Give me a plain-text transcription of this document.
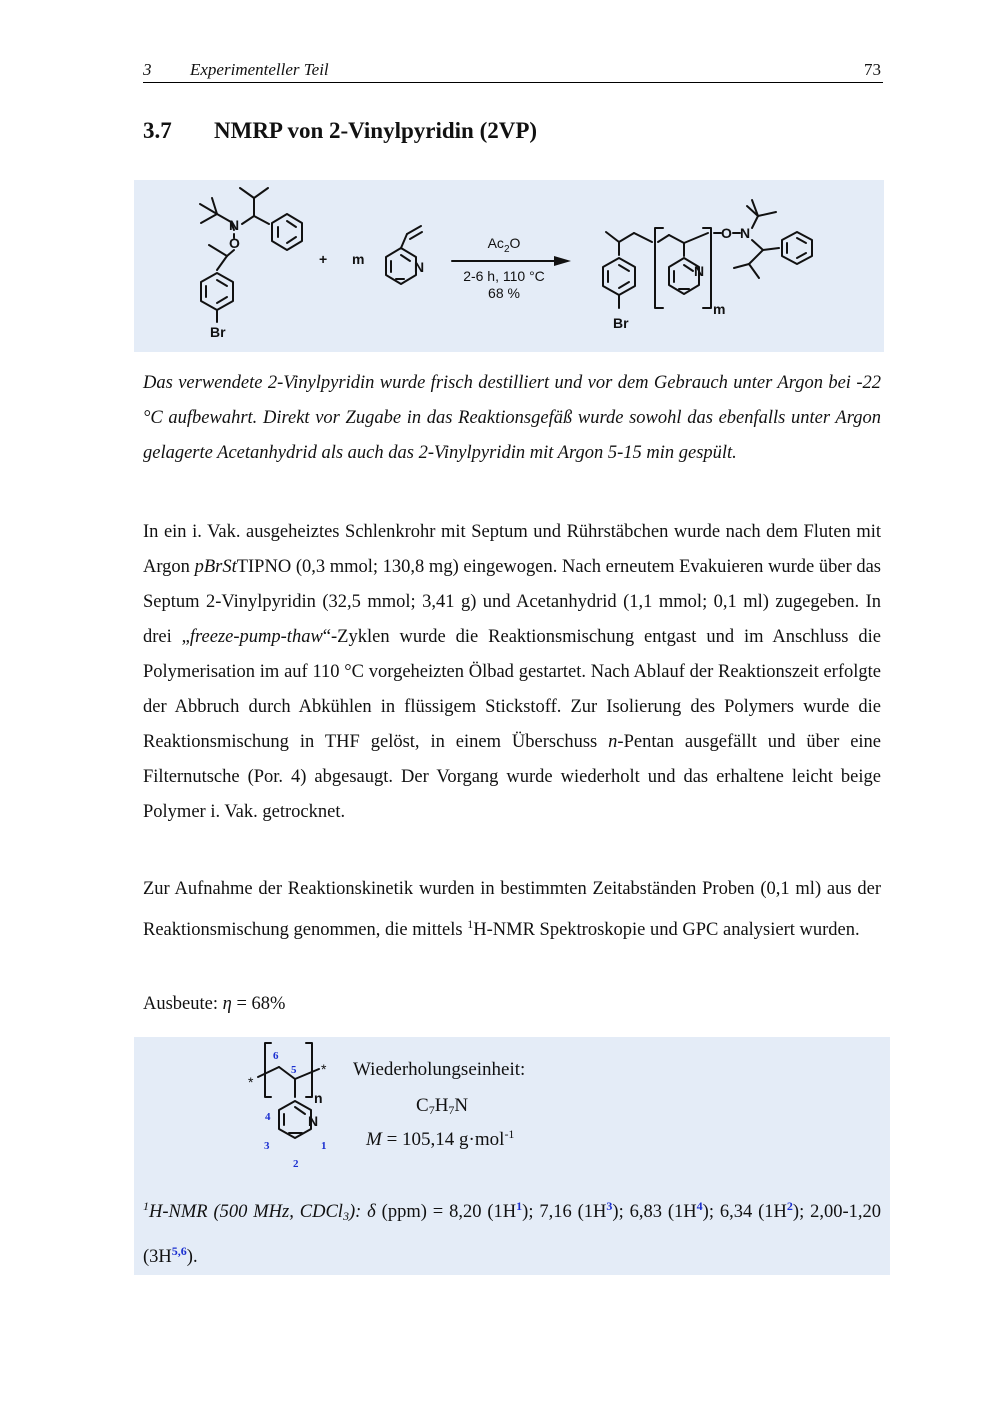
3 Experimenteller Teil	73
3.7 NMRP von 2-Vinylpyridin (2VP)
N
O
Br
N	N
O N
Br
m
+ m
$Ac_2O$
2-6 h, 110 °C
68 %
Das verwendete 2-Vinylpyridin wurde frisch destilliert und vor dem Gebrauch unter Argon bei -22 °C aufbewahrt. Direkt vor Zugabe in das Reaktionsgefäß wurde sowohl das ebenfalls unter Argon gelagerte Acetanhydrid als auch das 2-Vinylpyridin mit Argon 5-15 min gespült.
In ein i. Vak. ausgeheiztes Schlenkrohr mit Septum und Rührstäbchen wurde nach dem Fluten mit Argon pBrStTIPNO (0,3 mmol; 130,8 mg) eingewogen. Nach erneutem Evakuieren wurde über das Septum 2-Vinylpyridin (32,5 mmol; 3,41 g) und Acetanhydrid (1,1 mmol; 0,1 ml) zugegeben. In drei „freeze-pump-thaw“-Zyklen wurde die Reaktionsmischung entgast und im Anschluss die Polymerisation im auf 110 °C vorgeheizten Ölbad gestartet. Nach Ablauf der Reaktionszeit erfolgte der Abbruch durch Abkühlen in flüssigem Stickstoff. Zur Isolierung des Polymers wurde die Reaktionsmischung in THF gelöst, in einem Überschuss n-Pentan ausgefällt und über eine Filternutsche (Por. 4) abgesaugt. Der Vorgang wurde wiederholt und das erhaltene leicht beige Polymer i. Vak. getrocknet.
Zur Aufnahme der Reaktionskinetik wurden in bestimmten Zeitabständen Proben (0,1 ml) aus der Reaktionsmischung genommen, die mittels $^1$H-NMR Spektroskopie und GPC analysiert wurden.
Ausbeute: η = 68%
*
*
n
N
6
5
4
3
2
1
Wiederholungseinheit:
$C_7H_7N$
M = 105,14 g·mol$^{-1}$
$^1$H-NMR (500 MHz, CDCl$_3$): δ (ppm) = 8,20 $(1H^1)$; 7,16 $(1H^3)$; 6,83 $(1H^4)$; 6,34 $(1H^2)$; 2,00-1,20 $(3H^{5,6})$.
